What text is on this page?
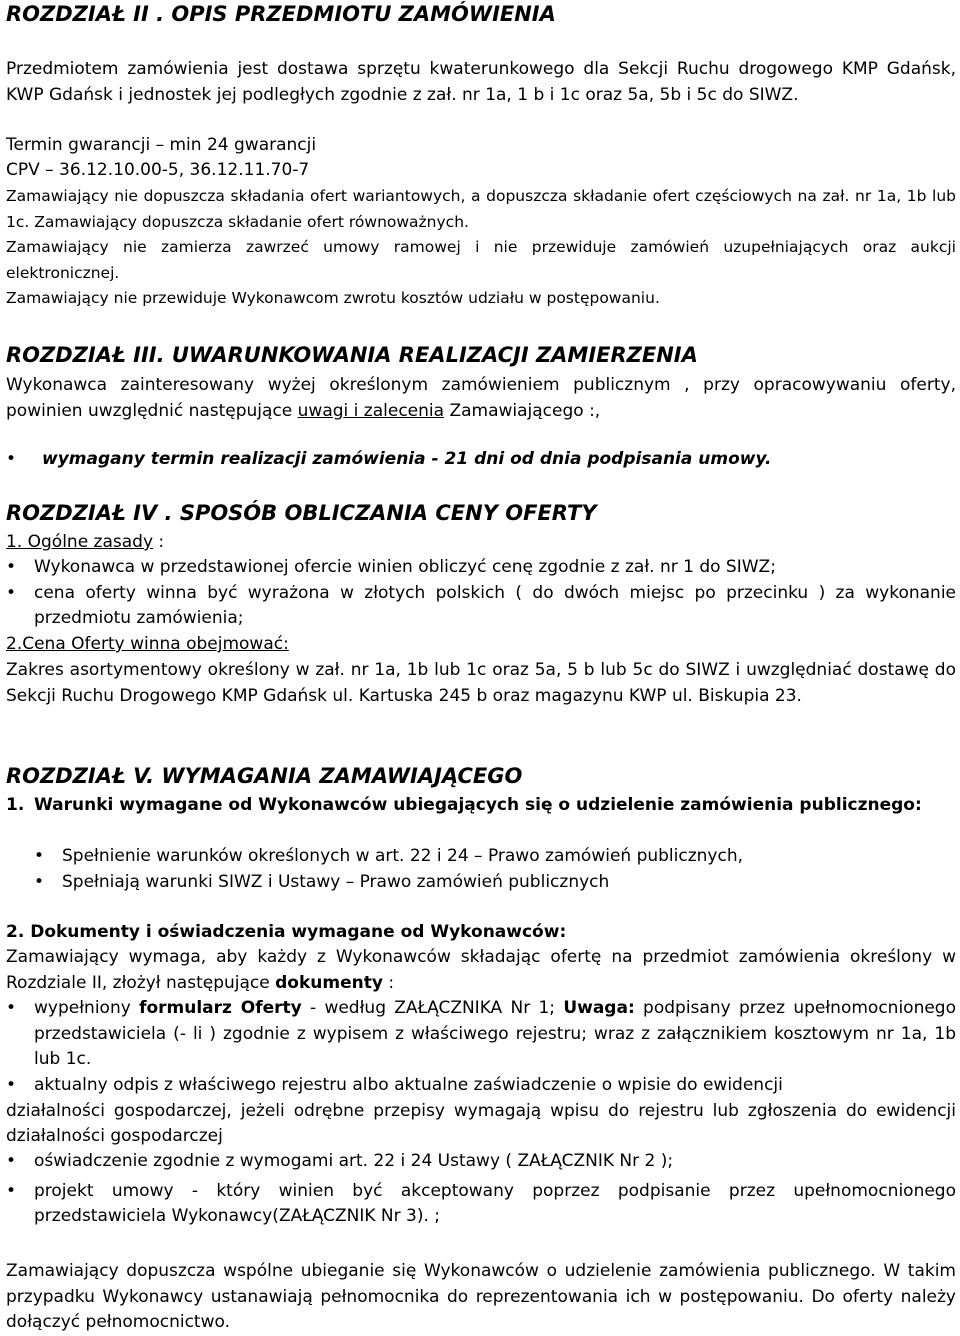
ROZDZIAŁ II . OPIS PRZEDMIOTU ZAMÓWIENIA

Przedmiotem zamówienia jest dostawa sprzętu kwaterunkowego dla Sekcji Ruchu drogowego KMP Gdańsk, KWP Gdańsk i jednostek jej podległych zgodnie z zał. nr 1a, 1 b i 1c oraz 5a, 5b i 5c do SIWZ.

Termin gwarancji – min 24 gwarancji

CPV – 36.12.10.00-5, 36.12.11.70-7

Zamawiający nie dopuszcza składania ofert wariantowych, a dopuszcza składanie ofert częściowych na zał. nr 1a, 1b lub 1c. Zamawiający dopuszcza składanie ofert równoważnych.

Zamawiający nie zamierza zawrzeć umowy ramowej i nie przewiduje zamówień uzupełniających oraz aukcji elektronicznej.

Zamawiający nie przewiduje Wykonawcom zwrotu kosztów udziału w postępowaniu.

ROZDZIAŁ III. UWARUNKOWANIA REALIZACJI ZAMIERZENIA

Wykonawca zainteresowany wyżej określonym zamówieniem publicznym , przy opracowywaniu oferty, powinien uwzględnić następujące uwagi i zalecenia Zamawiającego :,

• wymagany termin realizacji zamówienia - 21 dni od dnia podpisania umowy.
ROZDZIAŁ IV . SPOSÓB OBLICZANIA CENY OFERTY

1. Ogólne zasady :

• Wykonawca w przedstawionej ofercie winien obliczyć cenę zgodnie z zał. nr 1 do SIWZ;
• cena oferty winna być wyrażona w złotych polskich ( do dwóch miejsc po przecinku ) za wykonanie przedmiotu zamówienia;

2.Cena Oferty winna obejmować:

Zakres asortymentowy określony w zał. nr 1a, 1b lub 1c oraz 5a, 5 b lub 5c do SIWZ i uwzględniać dostawę do Sekcji Ruchu Drogowego KMP Gdańsk ul. Kartuska 245 b oraz magazynu KWP ul. Biskupia 23.

ROZDZIAŁ V. WYMAGANIA ZAMAWIAJĄCEGO
1. Warunki wymagane od Wykonawców ubiegających się o udzielenie zamówienia publicznego:

• Spełnienie warunków określonych w art. 22 i 24 – Prawo zamówień publicznych,
• Spełniają warunki SIWZ i Ustawy – Prawo zamówień publicznych

2. Dokumenty i oświadczenia wymagane od Wykonawców:

Zamawiający wymaga, aby każdy z Wykonawców składając ofertę na przedmiot zamówienia określony w Rozdziale II, złożył następujące dokumenty :

• wypełniony formularz Oferty - według ZAŁĄCZNIKA Nr 1; Uwaga: podpisany przez upełnomocnionego przedstawiciela (- li ) zgodnie z wypisem z właściwego rejestru; wraz z załącznikiem kosztowym nr 1a, 1b lub 1c.

• aktualny odpis z właściwego rejestru albo aktualne zaświadczenie o wpisie do ewidencji

działalności gospodarczej, jeżeli odrębne przepisy wymagają wpisu do rejestru lub zgłoszenia do ewidencji działalności gospodarczej

• oświadczenie zgodnie z wymogami art. 22 i 24 Ustawy ( ZAŁĄCZNIK Nr 2 );
• projekt umowy - który winien być akceptowany poprzez podpisanie przez upełnomocnionego przedstawiciela Wykonawcy(ZAŁĄCZNIK Nr 3). ;

Zamawiający dopuszcza wspólne ubieganie się Wykonawców o udzielenie zamówienia publicznego. W takim przypadku Wykonawcy ustanawiają pełnomocnika do reprezentowania ich w postępowaniu. Do oferty należy dołączyć pełnomocnictwo.
